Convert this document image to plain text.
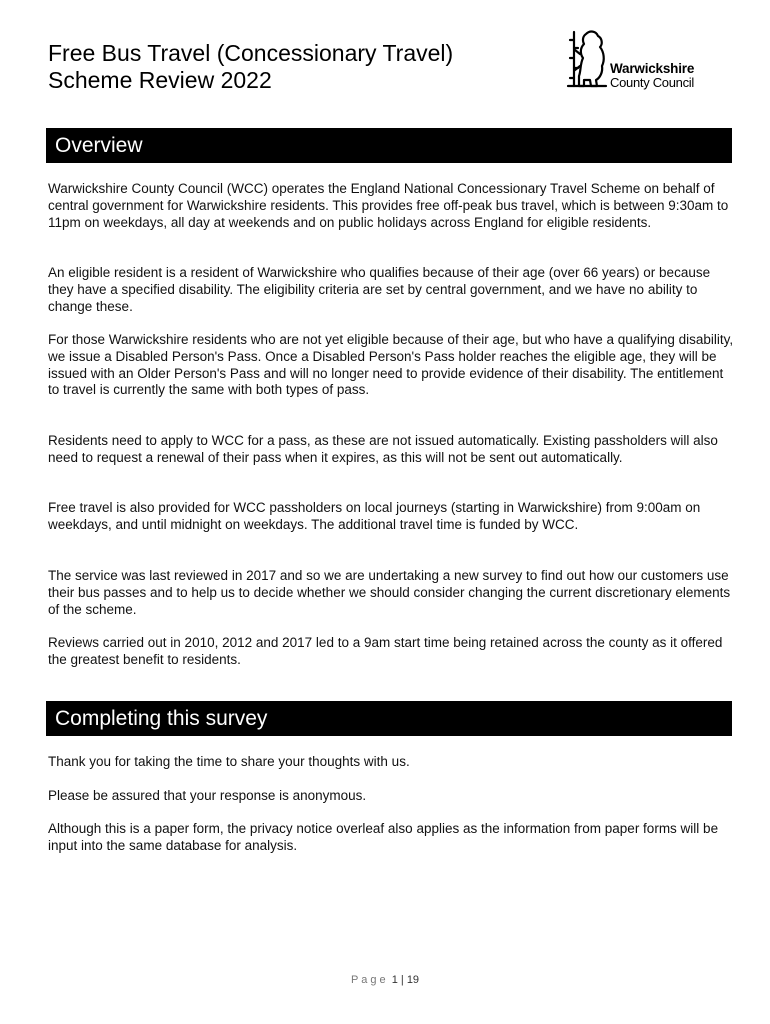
Free Bus Travel (Concessionary Travel)
Scheme Review 2022	Warwickshire
County Council
Overview

Warwickshire County Council (WCC) operates the England National Concessionary Travel Scheme on behalf of central government for Warwickshire residents. This provides free off-peak bus travel, which is between 9:30am to 11pm on weekdays, all day at weekends and on public holidays across England for eligible residents.

An eligible resident is a resident of Warwickshire who qualifies because of their age (over 66 years) or because they have a specified disability. The eligibility criteria are set by central government, and we have no ability to change these.

For those Warwickshire residents who are not yet eligible because of their age, but who have a qualifying disability, we issue a Disabled Person's Pass. Once a Disabled Person's Pass holder reaches the eligible age, they will be issued with an Older Person's Pass and will no longer need to provide evidence of their disability. The entitlement to travel is currently the same with both types of pass.

Residents need to apply to WCC for a pass, as these are not issued automatically. Existing passholders will also need to request a renewal of their pass when it expires, as this will not be sent out automatically.

Free travel is also provided for WCC passholders on local journeys (starting in Warwickshire) from 9:00am on weekdays, and until midnight on weekdays. The additional travel time is funded by WCC.

The service was last reviewed in 2017 and so we are undertaking a new survey to find out how our customers use their bus passes and to help us to decide whether we should consider changing the current discretionary elements of the scheme.

Reviews carried out in 2010, 2012 and 2017 led to a 9am start time being retained across the county as it offered the greatest benefit to residents.

Completing this survey

Thank you for taking the time to share your thoughts with us.

Please be assured that your response is anonymous.

Although this is a paper form, the privacy notice overleaf also applies as the information from paper forms will be input into the same database for analysis.

Page 1 | 19
